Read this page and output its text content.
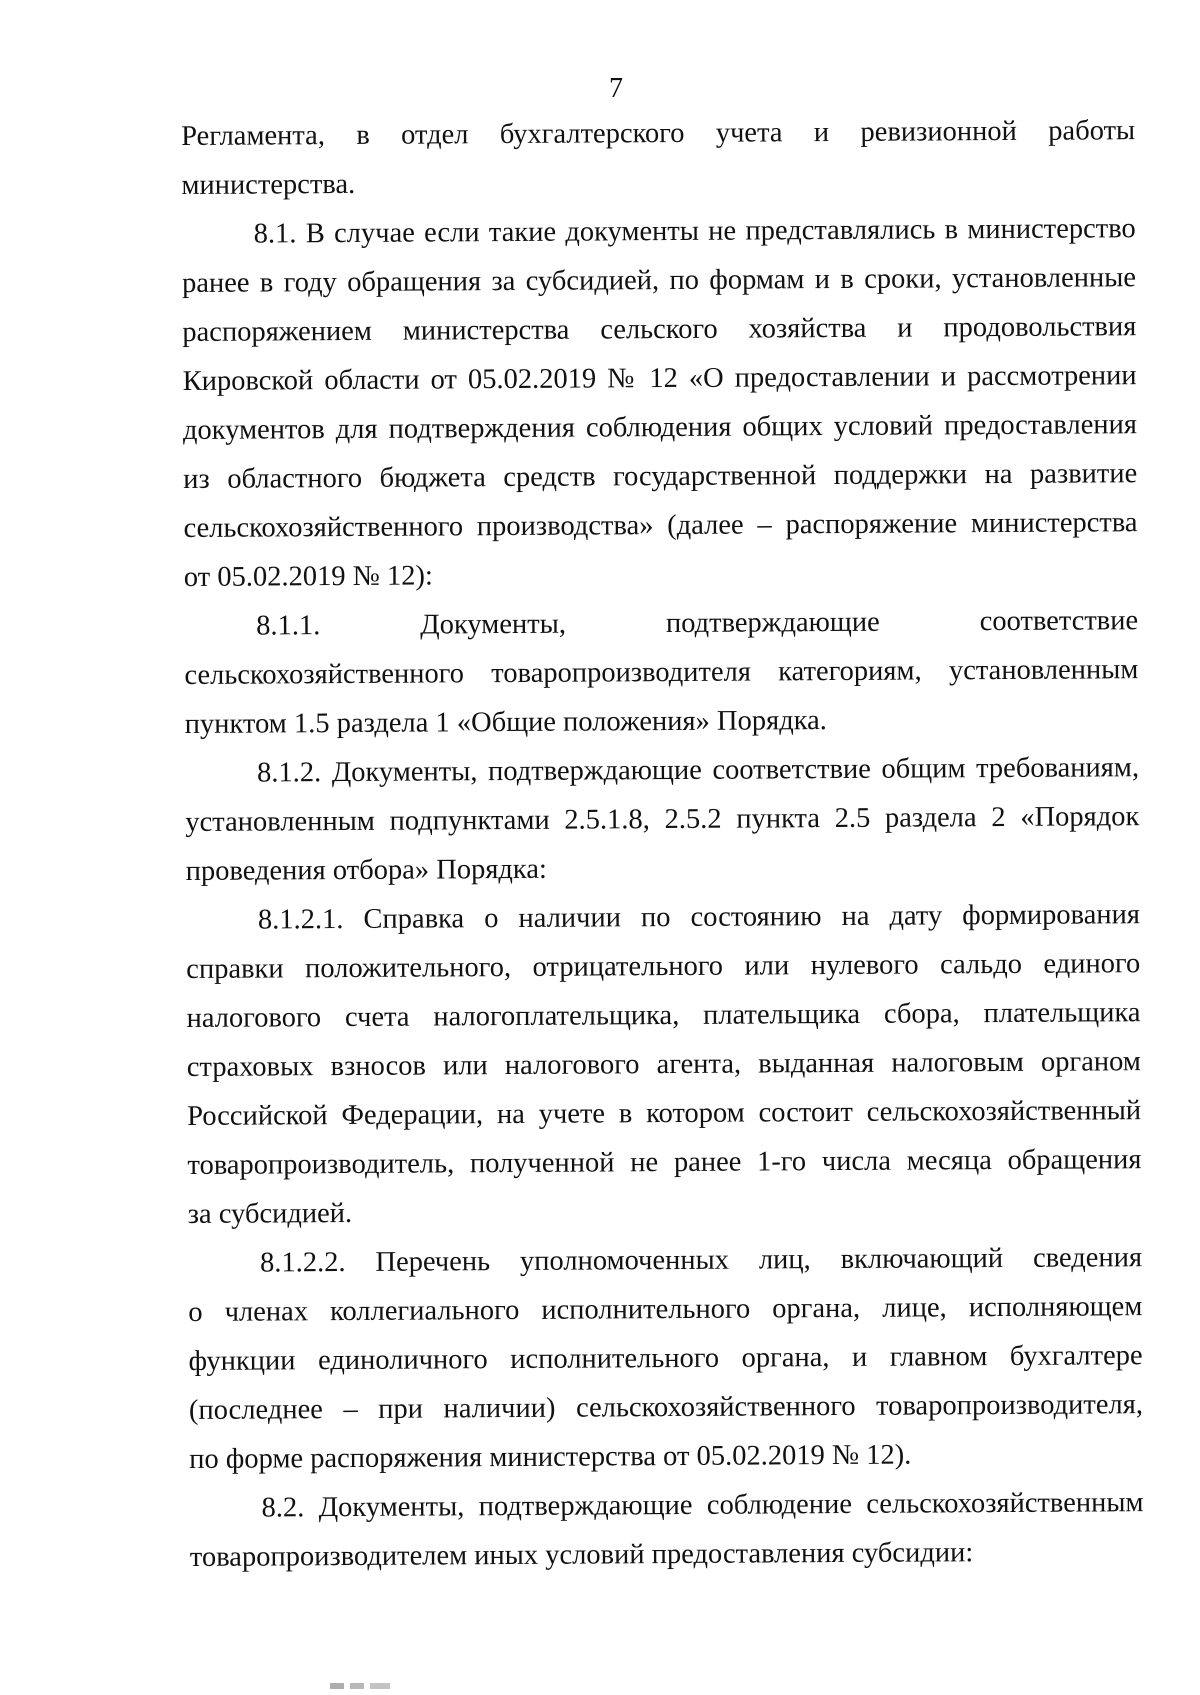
7
Регламента, в отдел бухгалтерского учета и ревизионной работы
министерства.
8.1. В случае если такие документы не представлялись в министерство
ранее в году обращения за субсидией, по формам и в сроки, установленные
распоряжением министерства сельского хозяйства и продовольствия
Кировской области от 05.02.2019 № 12 «О предоставлении и рассмотрении
документов для подтверждения соблюдения общих условий предоставления
из областного бюджета средств государственной поддержки на развитие
сельскохозяйственного производства» (далее – распоряжение министерства
от 05.02.2019 № 12):
8.1.1. Документы, подтверждающие соответствие
сельскохозяйственного товаропроизводителя категориям, установленным
пунктом 1.5 раздела 1 «Общие положения» Порядка.
8.1.2. Документы, подтверждающие соответствие общим требованиям,
установленным подпунктами 2.5.1.8, 2.5.2 пункта 2.5 раздела 2 «Порядок
проведения отбора» Порядка:
8.1.2.1. Справка о наличии по состоянию на дату формирования
справки положительного, отрицательного или нулевого сальдо единого
налогового счета налогоплательщика, плательщика сбора, плательщика
страховых взносов или налогового агента, выданная налоговым органом
Российской Федерации, на учете в котором состоит сельскохозяйственный
товаропроизводитель, полученной не ранее 1-го числа месяца обращения
за субсидией.
8.1.2.2. Перечень уполномоченных лиц, включающий сведения
о членах коллегиального исполнительного органа, лице, исполняющем
функции единоличного исполнительного органа, и главном бухгалтере
(последнее – при наличии) сельскохозяйственного товаропроизводителя,
по форме распоряжения министерства от 05.02.2019 № 12).
8.2. Документы, подтверждающие соблюдение сельскохозяйственным
товаропроизводителем иных условий предоставления субсидии:
